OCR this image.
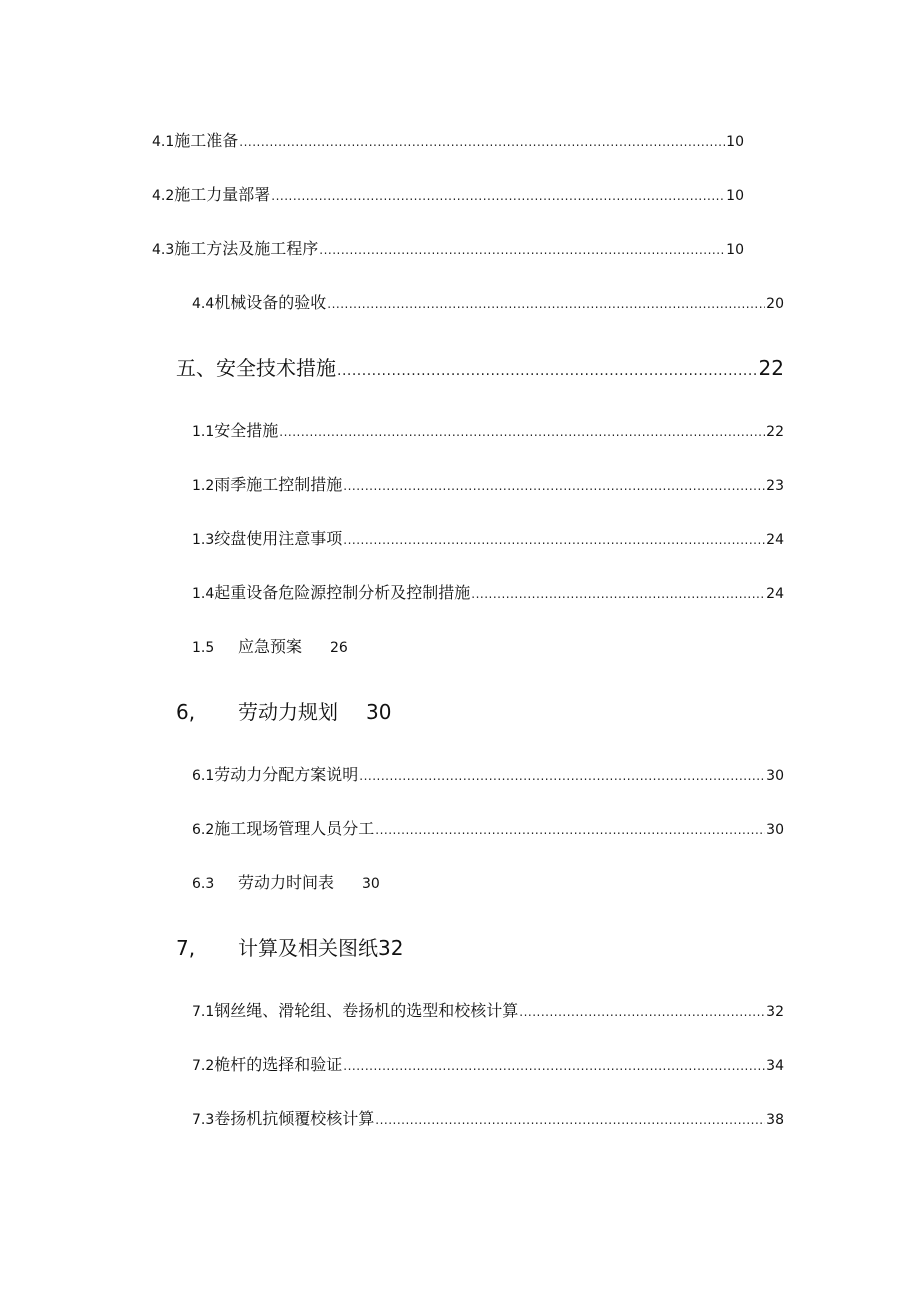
4.1 施工准备 .....	10
4.2 施工力量部署 .....	10
4.3 施工方法及施工程序 .....	10
4.4 机械设备的验收 .....	20
五、安全技术措施 .....	22
1.1 安全措施 .....	22
1.2 雨季施工控制措施 .....	23
1.3 绞盘使用注意事项 .....	24
1.4 起重设备危险源控制分析及控制措施 .....	24
1.5	应急预案 26
6,	劳动力规划 30
6.1 劳动力分配方案说明 .....	30
6.2 施工现场管理人员分工 .....	30
6.3	劳动力时间表 30
7,	计算及相关图纸 32
7.1 钢丝绳、滑轮组、卷扬机的选型和校核计算 .....	32
7.2 桅杆的选择和验证 .....	34
7.3 卷扬机抗倾覆校核计算 .....	38
